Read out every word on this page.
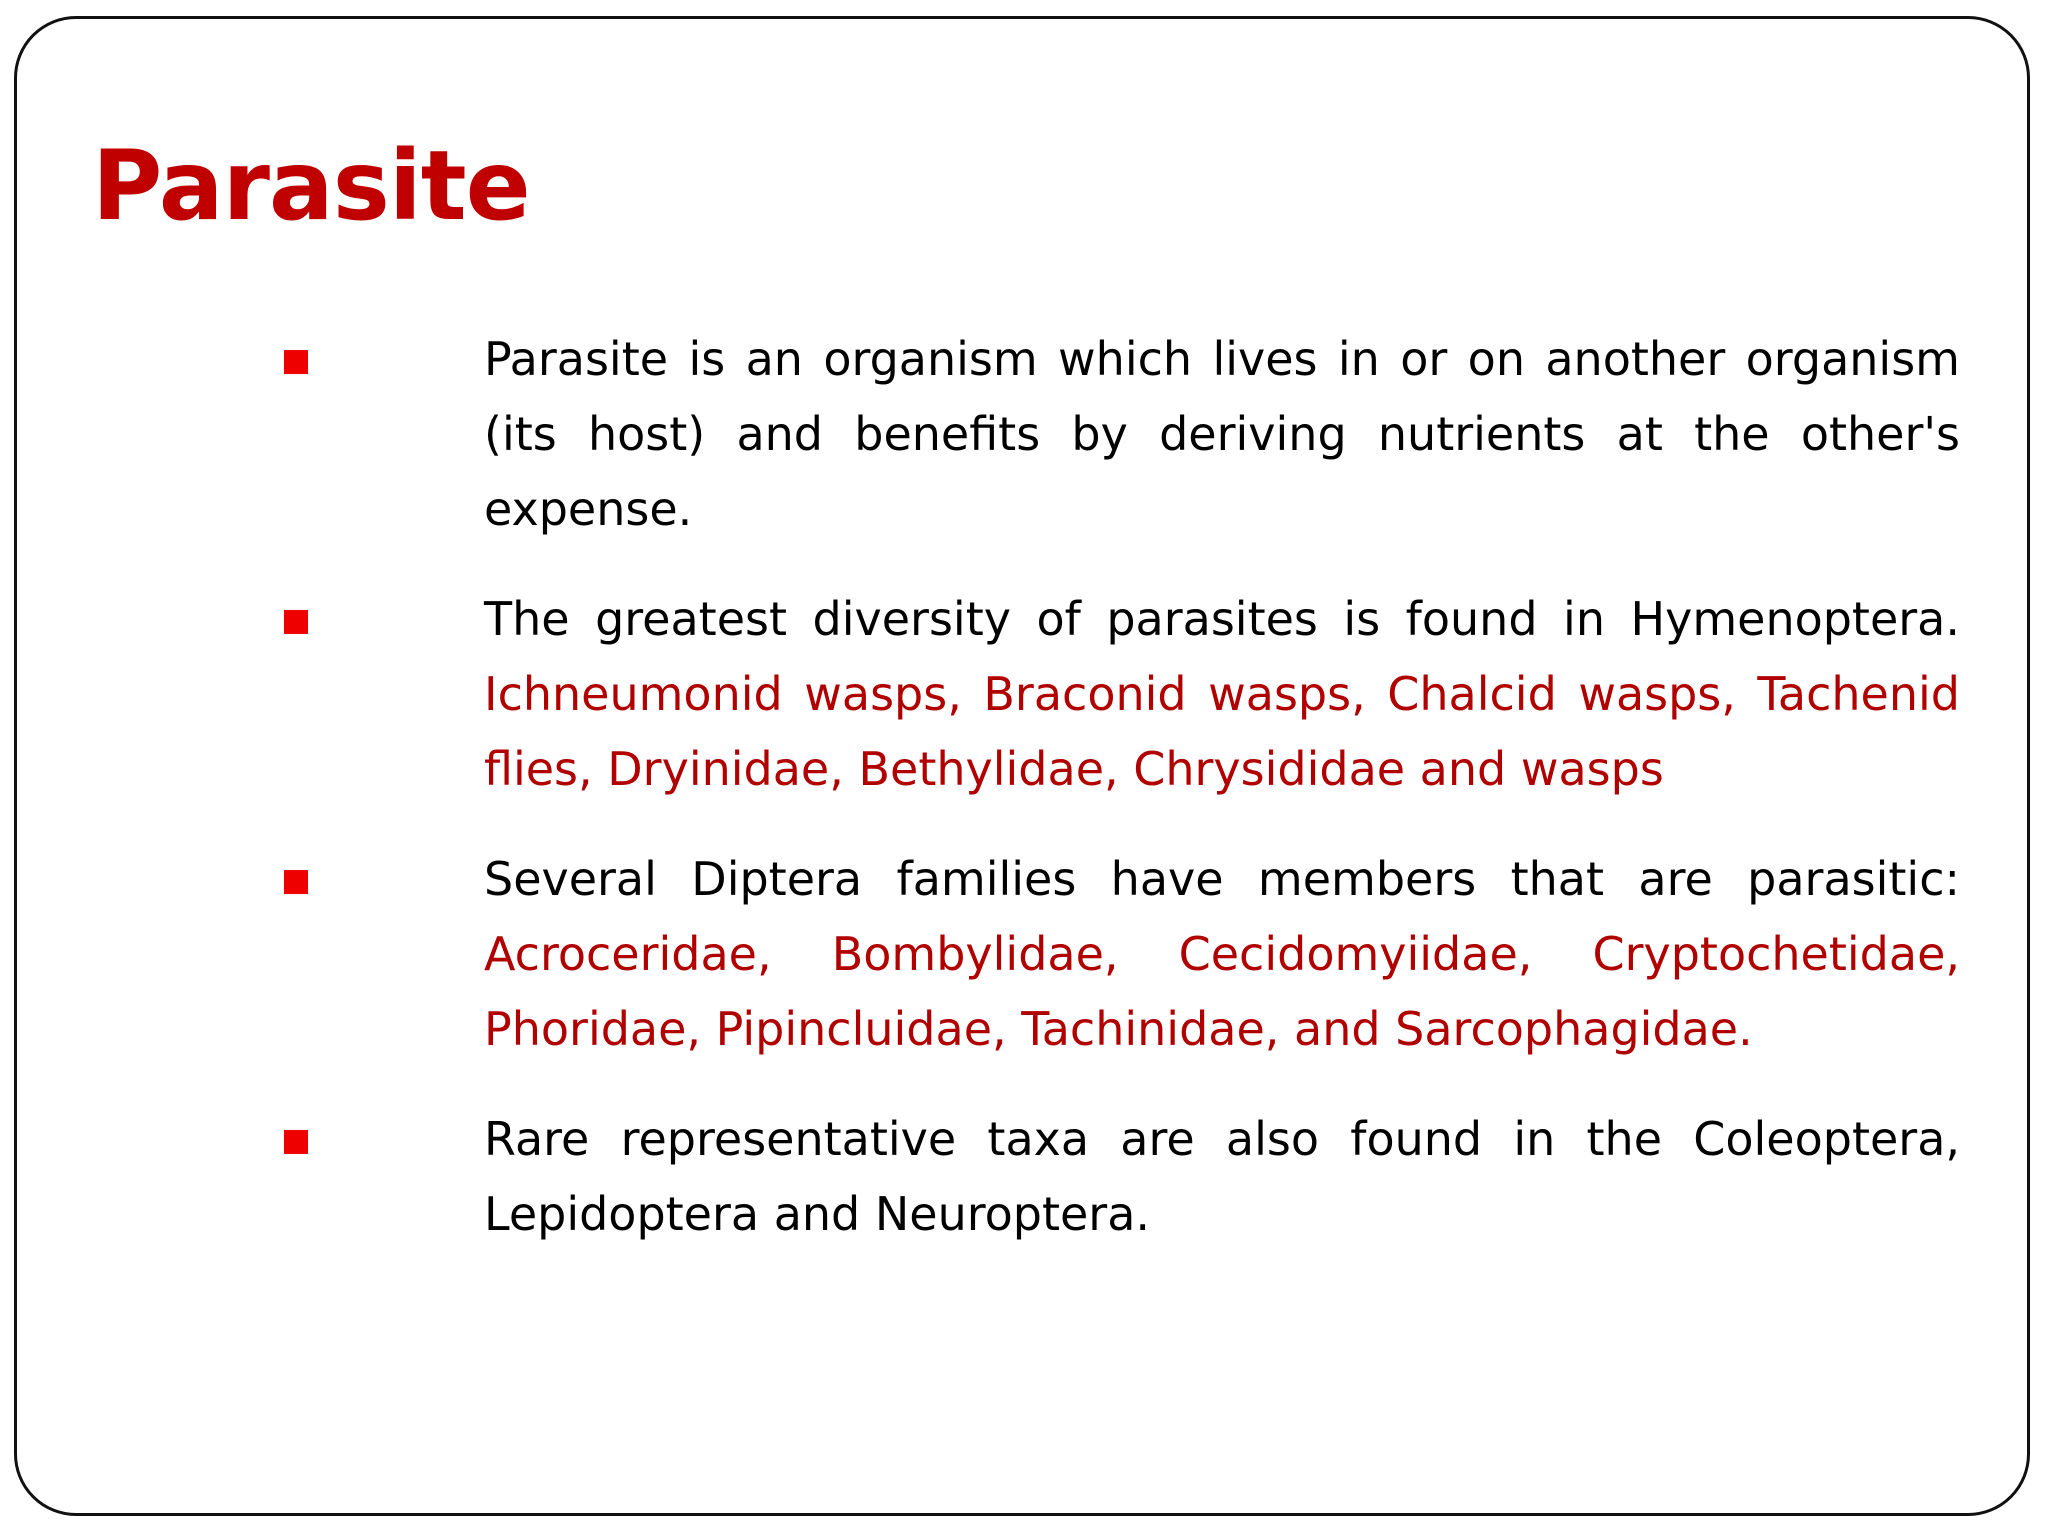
Parasite

Parasite is an organism which lives in or on another organism (its host) and benefits by deriving nutrients at the other's expense.

The greatest diversity of parasites is found in Hymenoptera. Ichneumonid wasps, Braconid wasps, Chalcid wasps, Tachenid flies, Dryinidae, Bethylidae, Chrysididae and wasps

Several Diptera families have members that are parasitic: Acroceridae, Bombylidae, Cecidomyiidae, Cryptochetidae, Phoridae, Pipincluidae, Tachinidae, and Sarcophagidae.

Rare representative taxa are also found in the Coleoptera, Lepidoptera and Neuroptera.
